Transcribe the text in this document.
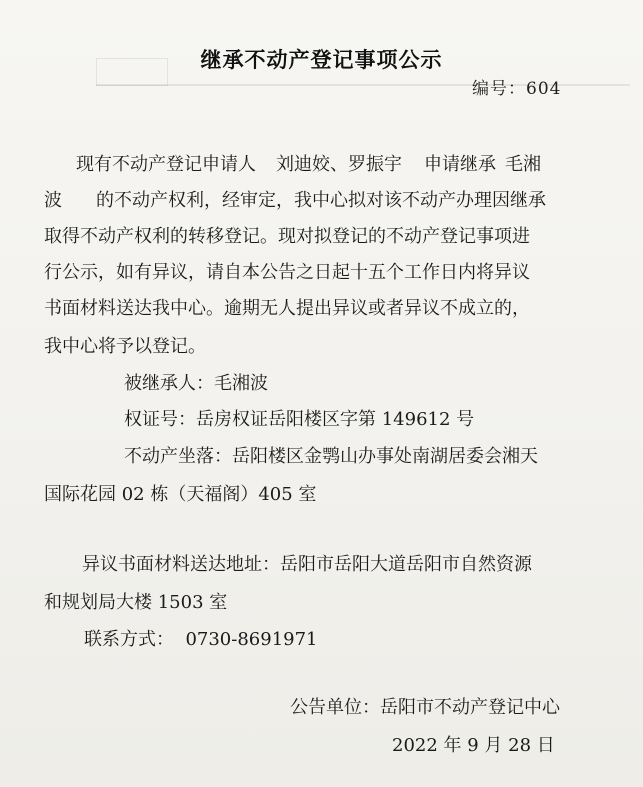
继承不动产登记事项公示
编号：604
现有不动产登记申请人 刘迪姣、罗振宇 申请继承 毛湘
波 的不动产权利，经审定，我中心拟对该不动产办理因继承
取得不动产权利的转移登记。现对拟登记的不动产登记事项进
行公示，如有异议，请自本公告之日起十五个工作日内将异议
书面材料送达我中心。逾期无人提出异议或者异议不成立的，
我中心将予以登记。
被继承人：毛湘波
权证号：岳房权证岳阳楼区字第 149612 号
不动产坐落：岳阳楼区金鹗山办事处南湖居委会湘天
国际花园 02 栋（天福阁）405 室
异议书面材料送达地址：岳阳市岳阳大道岳阳市自然资源
和规划局大楼 1503 室
联系方式：  0730-8691971
公告单位：岳阳市不动产登记中心
2022 年 9 月 28 日
